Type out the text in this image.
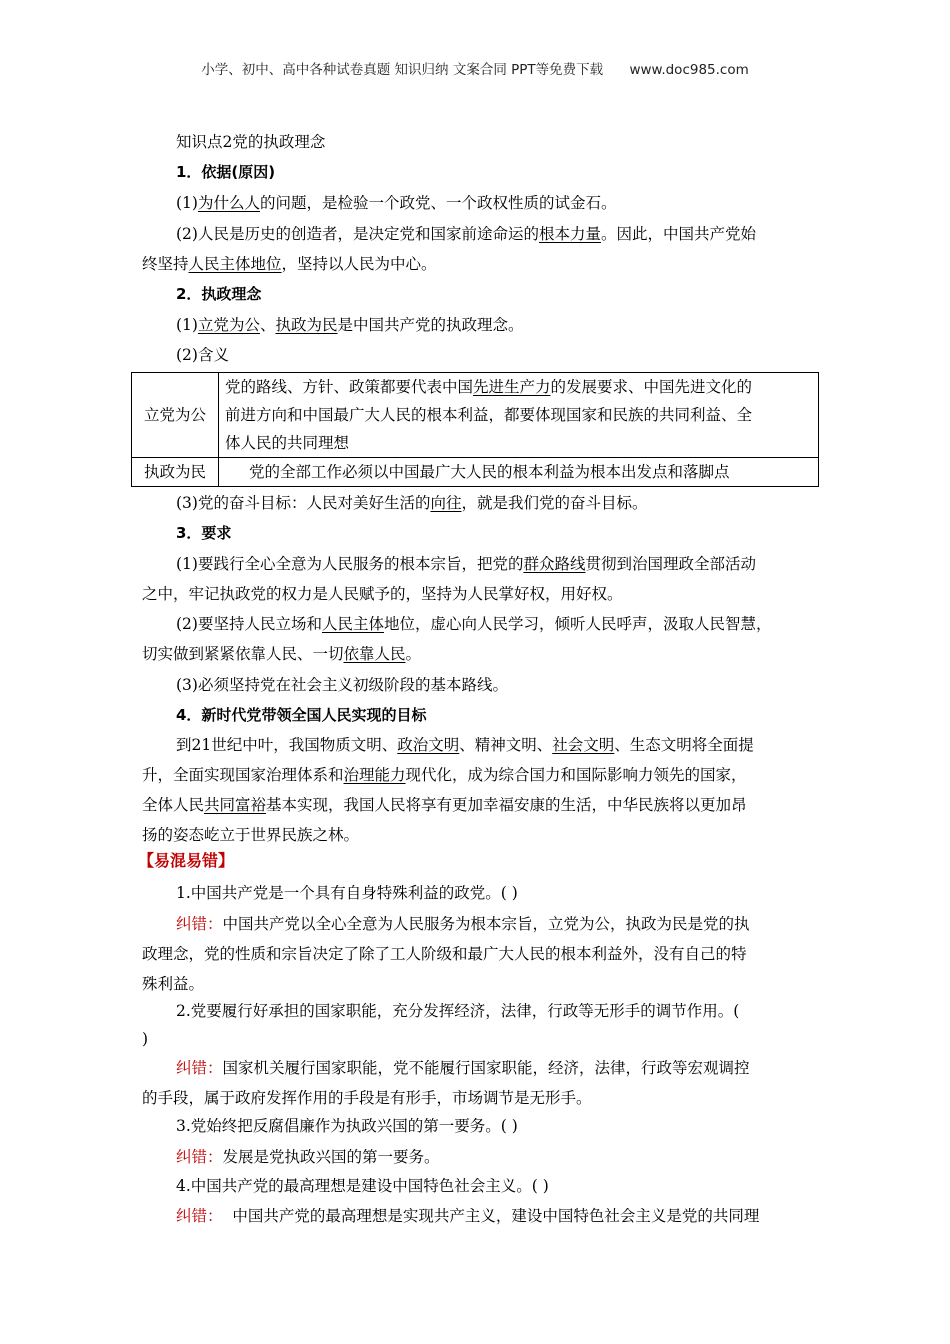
小学、初中、高中各种试卷真题 知识归纳 文案合同 PPT等免费下载 www.doc985.com
知识点2党的执政理念
1．依据(原因)
(1)为什么人的问题，是检验一个政党、一个政权性质的试金石。
(2)人民是历史的创造者，是决定党和国家前途命运的根本力量。因此，中国共产党始
终坚持人民主体地位，坚持以人民为中心。
2．执政理念
(1)立党为公、执政为民是中国共产党的执政理念。
(2)含义
立党为公	党的路线、方针、政策都要代表中国先进生产力的发展要求、中国先进文化的
前进方向和中国最广大人民的根本利益，都要体现国家和民族的共同利益、全
体人民的共同理想

执政为民	党的全部工作必须以中国最广大人民的根本利益为根本出发点和落脚点
(3)党的奋斗目标：人民对美好生活的向往，就是我们党的奋斗目标。
3．要求
(1)要践行全心全意为人民服务的根本宗旨，把党的群众路线贯彻到治国理政全部活动
之中，牢记执政党的权力是人民赋予的，坚持为人民掌好权，用好权。
(2)要坚持人民立场和人民主体地位，虚心向人民学习，倾听人民呼声，汲取人民智慧，
切实做到紧紧依靠人民、一切依靠人民。
(3)必须坚持党在社会主义初级阶段的基本路线。
4．新时代党带领全国人民实现的目标
到21世纪中叶，我国物质文明、政治文明、精神文明、社会文明、生态文明将全面提
升，全面实现国家治理体系和治理能力现代化，成为综合国力和国际影响力领先的国家，
全体人民共同富裕基本实现，我国人民将享有更加幸福安康的生活，中华民族将以更加昂
扬的姿态屹立于世界民族之林。
【易混易错】
1.中国共产党是一个具有自身特殊利益的政党。( )
纠错：中国共产党以全心全意为人民服务为根本宗旨，立党为公，执政为民是党的执
政理念，党的性质和宗旨决定了除了工人阶级和最广大人民的根本利益外，没有自己的特
殊利益。
2.党要履行好承担的国家职能，充分发挥经济，法律，行政等无形手的调节作用。(
)
纠错：国家机关履行国家职能，党不能履行国家职能，经济，法律，行政等宏观调控
的手段，属于政府发挥作用的手段是有形手，市场调节是无形手。
3.党始终把反腐倡廉作为执政兴国的第一要务。( )
纠错：发展是党执政兴国的第一要务。
4.中国共产党的最高理想是建设中国特色社会主义。( )
纠错：  中国共产党的最高理想是实现共产主义，建设中国特色社会主义是党的共同理
